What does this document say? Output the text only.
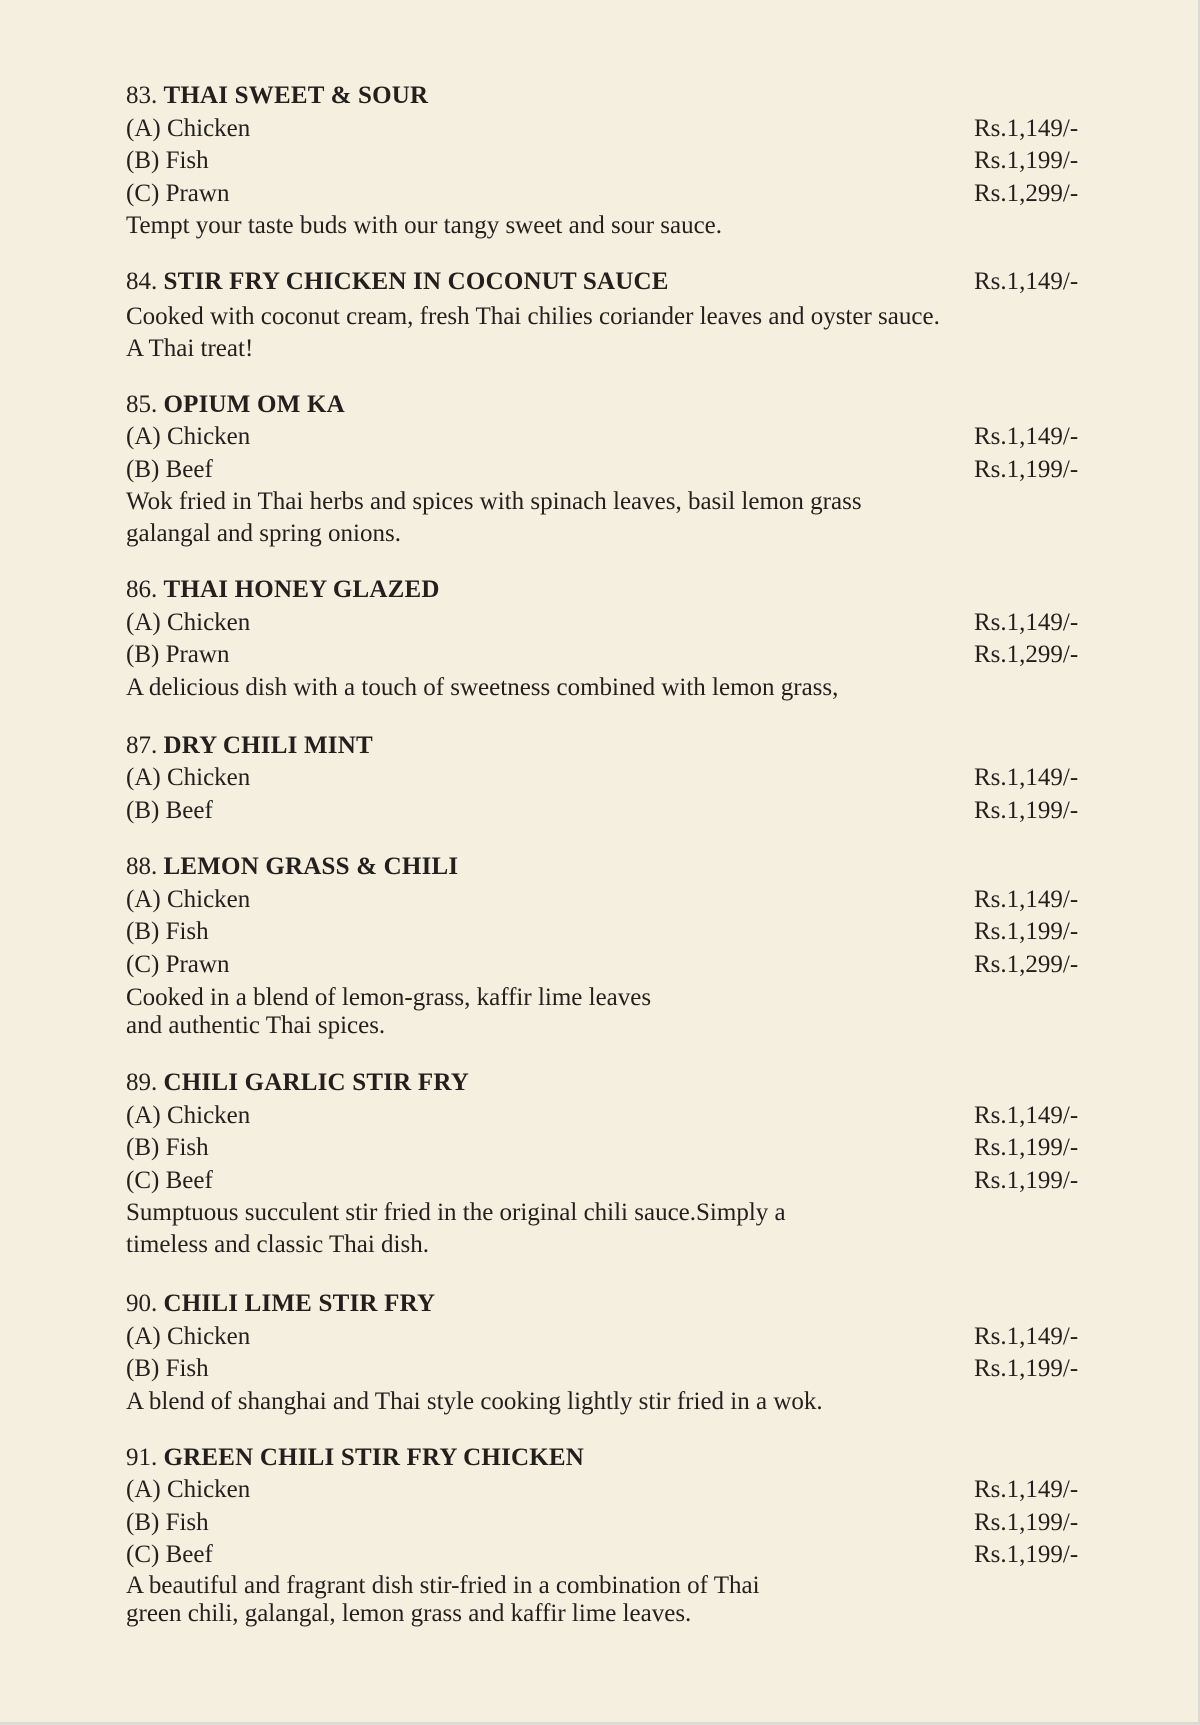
83. THAI SWEET & SOUR
(A) Chicken	Rs.1,149/-
(B) Fish	Rs.1,199/-
(C) Prawn	Rs.1,299/-
Tempt your taste buds with our tangy sweet and sour sauce.
84. STIR FRY CHICKEN IN COCONUT SAUCE	Rs.1,149/-
Cooked with coconut cream, fresh Thai chilies coriander leaves and oyster sauce. A Thai treat!
85. OPIUM OM KA
(A) Chicken	Rs.1,149/-
(B) Beef	Rs.1,199/-
Wok fried in Thai herbs and spices with spinach leaves, basil lemon grass galangal and spring onions.
86. THAI HONEY GLAZED
(A) Chicken	Rs.1,149/-
(B) Prawn	Rs.1,299/-
A delicious dish with a touch of sweetness combined with lemon grass,
87. DRY CHILI MINT
(A) Chicken	Rs.1,149/-
(B) Beef	Rs.1,199/-
88. LEMON GRASS & CHILI
(A) Chicken	Rs.1,149/-
(B) Fish	Rs.1,199/-
(C) Prawn	Rs.1,299/-
Cooked in a blend of lemon-grass, kaffir lime leaves
and authentic Thai spices.
89. CHILI GARLIC STIR FRY
(A) Chicken	Rs.1,149/-
(B) Fish	Rs.1,199/-
(C) Beef	Rs.1,199/-
Sumptuous succulent stir fried in the original chili sauce.Simply a
timeless and classic Thai dish.
90. CHILI LIME STIR FRY
(A) Chicken	Rs.1,149/-
(B) Fish	Rs.1,199/-
A blend of shanghai and Thai style cooking lightly stir fried in a wok.
91. GREEN CHILI STIR FRY CHICKEN
(A) Chicken	Rs.1,149/-
(B) Fish	Rs.1,199/-
(C) Beef	Rs.1,199/-
A beautiful and fragrant dish stir-fried in a combination of Thai
green chili, galangal, lemon grass and kaffir lime leaves.
